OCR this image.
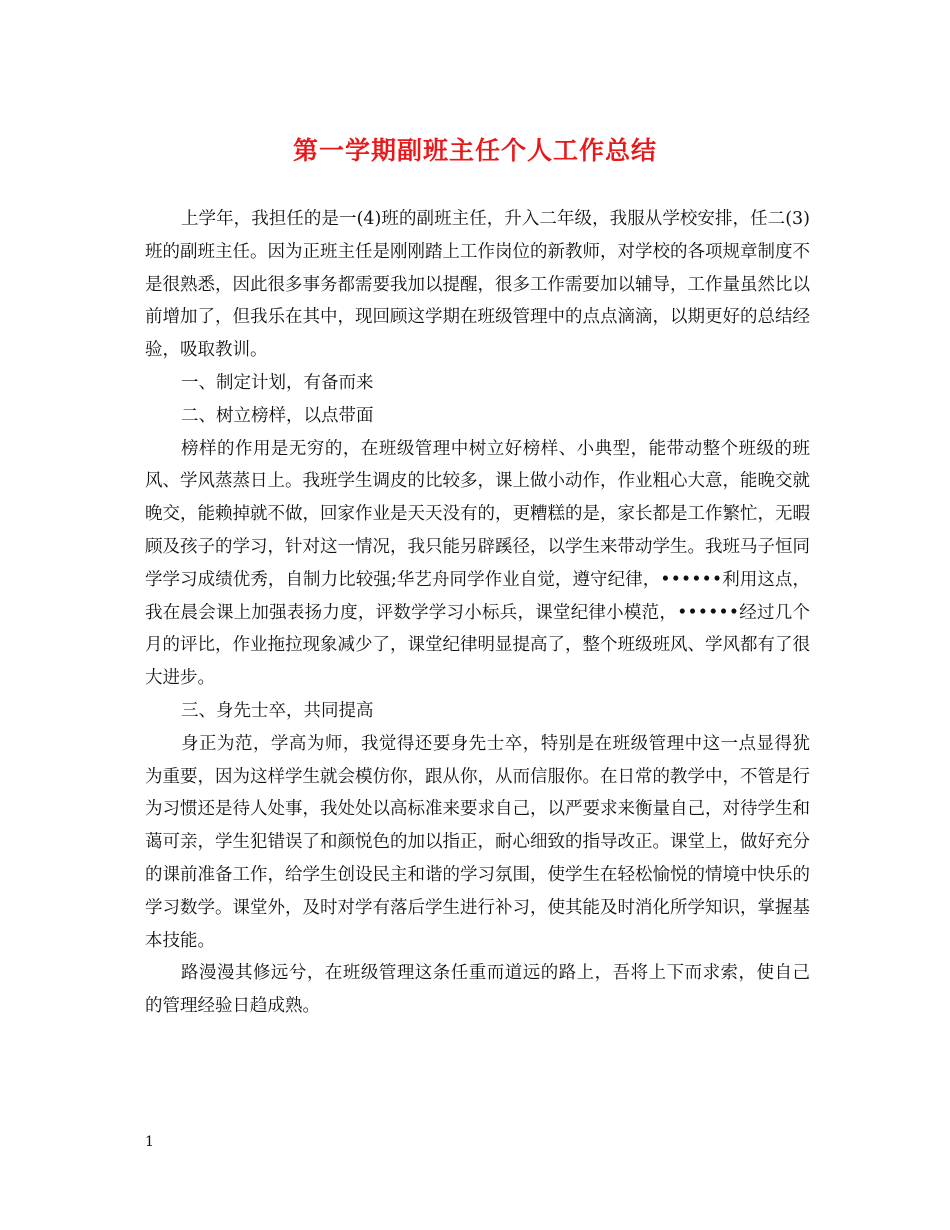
第一学期副班主任个人工作总结

上学年，我担任的是一(4)班的副班主任，升入二年级，我服从学校安排，任二(3)班的副班主任。因为正班主任是刚刚踏上工作岗位的新教师，对学校的各项规章制度不是很熟悉，因此很多事务都需要我加以提醒，很多工作需要加以辅导，工作量虽然比以前增加了，但我乐在其中，现回顾这学期在班级管理中的点点滴滴，以期更好的总结经验，吸取教训。

一、制定计划，有备而来

二、树立榜样，以点带面

榜样的作用是无穷的，在班级管理中树立好榜样、小典型，能带动整个班级的班风、学风蒸蒸日上。我班学生调皮的比较多，课上做小动作，作业粗心大意，能晚交就晚交，能赖掉就不做，回家作业是天天没有的，更糟糕的是，家长都是工作繁忙，无暇顾及孩子的学习，针对这一情况，我只能另辟蹊径，以学生来带动学生。我班马子恒同学学习成绩优秀，自制力比较强;华艺舟同学作业自觉，遵守纪律，••••••利用这点，我在晨会课上加强表扬力度，评数学学习小标兵，课堂纪律小模范，••••••经过几个月的评比，作业拖拉现象减少了，课堂纪律明显提高了，整个班级班风、学风都有了很大进步。

三、身先士卒，共同提高

身正为范，学高为师，我觉得还要身先士卒，特别是在班级管理中这一点显得犹为重要，因为这样学生就会模仿你，跟从你，从而信服你。在日常的教学中，不管是行为习惯还是待人处事，我处处以高标准来要求自己，以严要求来衡量自己，对待学生和蔼可亲，学生犯错误了和颜悦色的加以指正，耐心细致的指导改正。课堂上，做好充分的课前准备工作，给学生创设民主和谐的学习氛围，使学生在轻松愉悦的情境中快乐的学习数学。课堂外，及时对学有落后学生进行补习，使其能及时消化所学知识，掌握基本技能。

路漫漫其修远兮，在班级管理这条任重而道远的路上，吾将上下而求索，使自己的管理经验日趋成熟。

1
